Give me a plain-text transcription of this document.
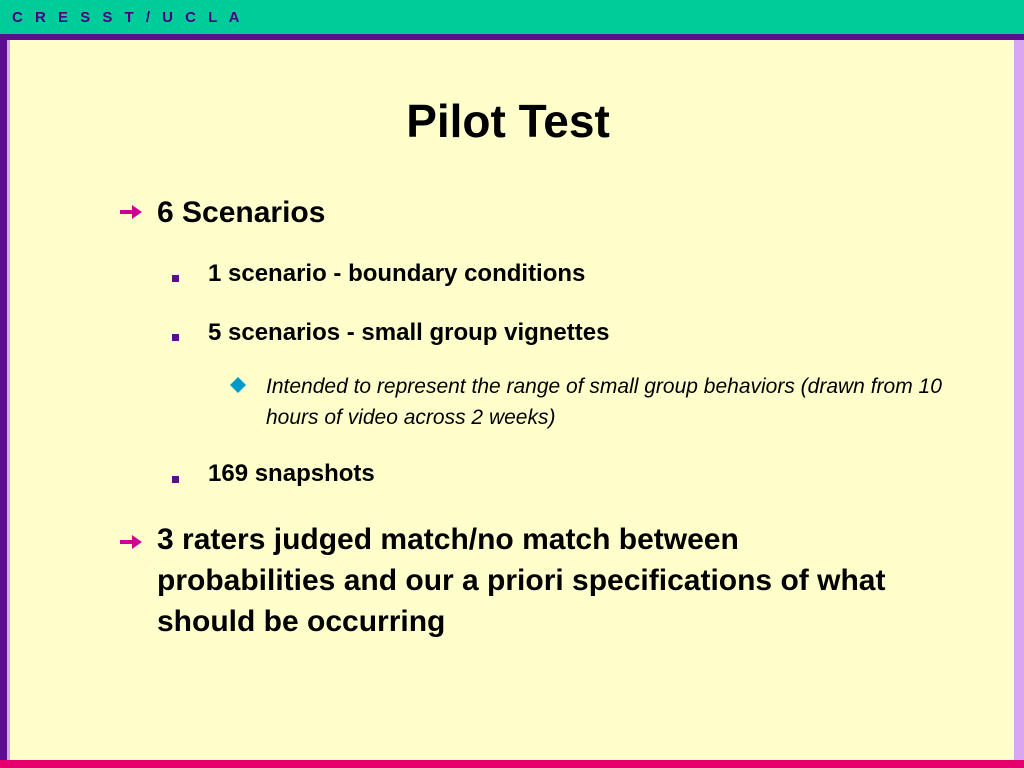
C R E S S T / U C L A
Pilot Test
6 Scenarios
1 scenario - boundary conditions
5 scenarios - small group vignettes
Intended to represent the range of small group behaviors (drawn from 10 hours of video across 2 weeks)
169 snapshots
3 raters judged match/no match between probabilities and our a priori specifications of what should be occurring
